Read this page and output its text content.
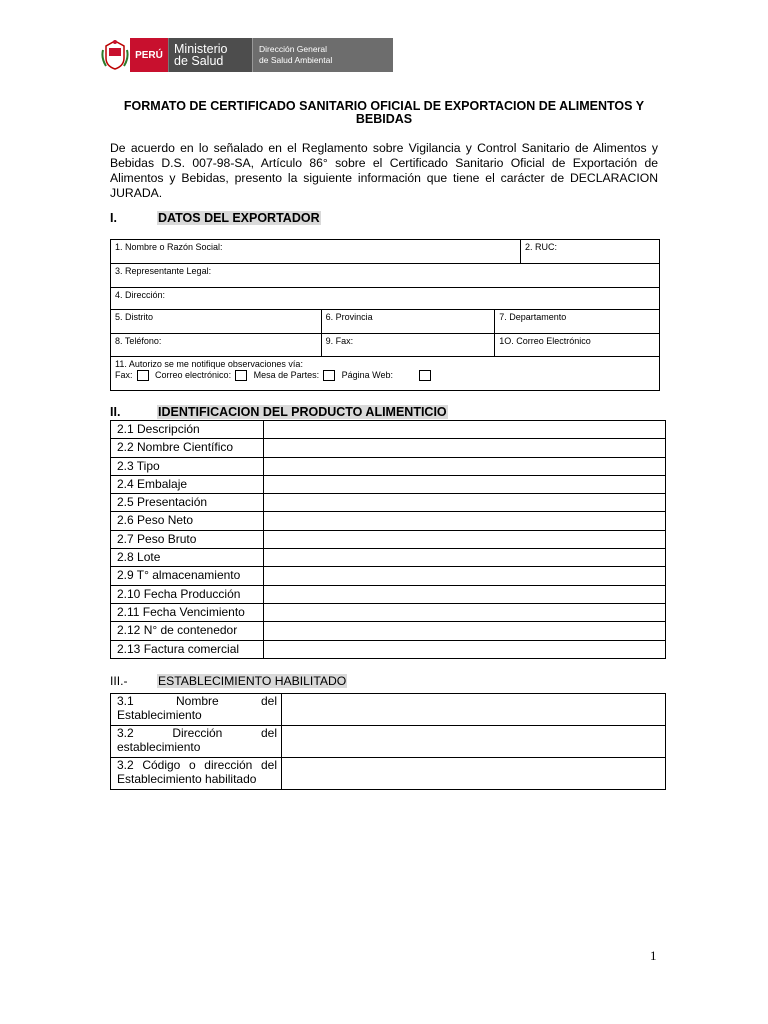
PERÚ Ministerio
de Salud
Dirección General
de Salud Ambiental
FORMATO DE CERTIFICADO SANITARIO OFICIAL DE EXPORTACION DE ALIMENTOS Y BEBIDAS
De acuerdo en lo señalado en el Reglamento sobre Vigilancia y Control Sanitario de Alimentos y Bebidas D.S. 007-98-SA, Artículo 86° sobre el Certificado Sanitario Oficial de Exportación de Alimentos y Bebidas, presento la siguiente información que tiene el carácter de DECLARACION JURADA.
I.	DATOS DEL EXPORTADOR
1. Nombre o Razón Social:	2. RUC:
3. Representante Legal:
4. Dirección:
5. Distrito	6. Provincia	7. Departamento
8. Teléfono:	9. Fax:	1O. Correo Electrónico

11. Autorizo se me notifique observaciones vía:
Fax: Correo electrónico: Mesa de Partes: Página Web:		
II.	IDENTIFICACION DEL PRODUCTO ALIMENTICIO
2.1 Descripción	
2.2 Nombre Científico	
2.3 Tipo	
2.4 Embalaje	
2.5 Presentación	
2.6 Peso Neto	
2.7 Peso Bruto	
2.8 Lote	
2.9 T° almacenamiento	
2.10 Fecha Producción	
2.11 Fecha Vencimiento	
2.12 N° de contenedor	
2.13 Factura comercial	
III.-	ESTABLECIMIENTO HABILITADO
3.1 Nombre del Establecimiento	
3.2 Dirección del establecimiento	
3.2 Código o dirección del Establecimiento habilitado	
1
